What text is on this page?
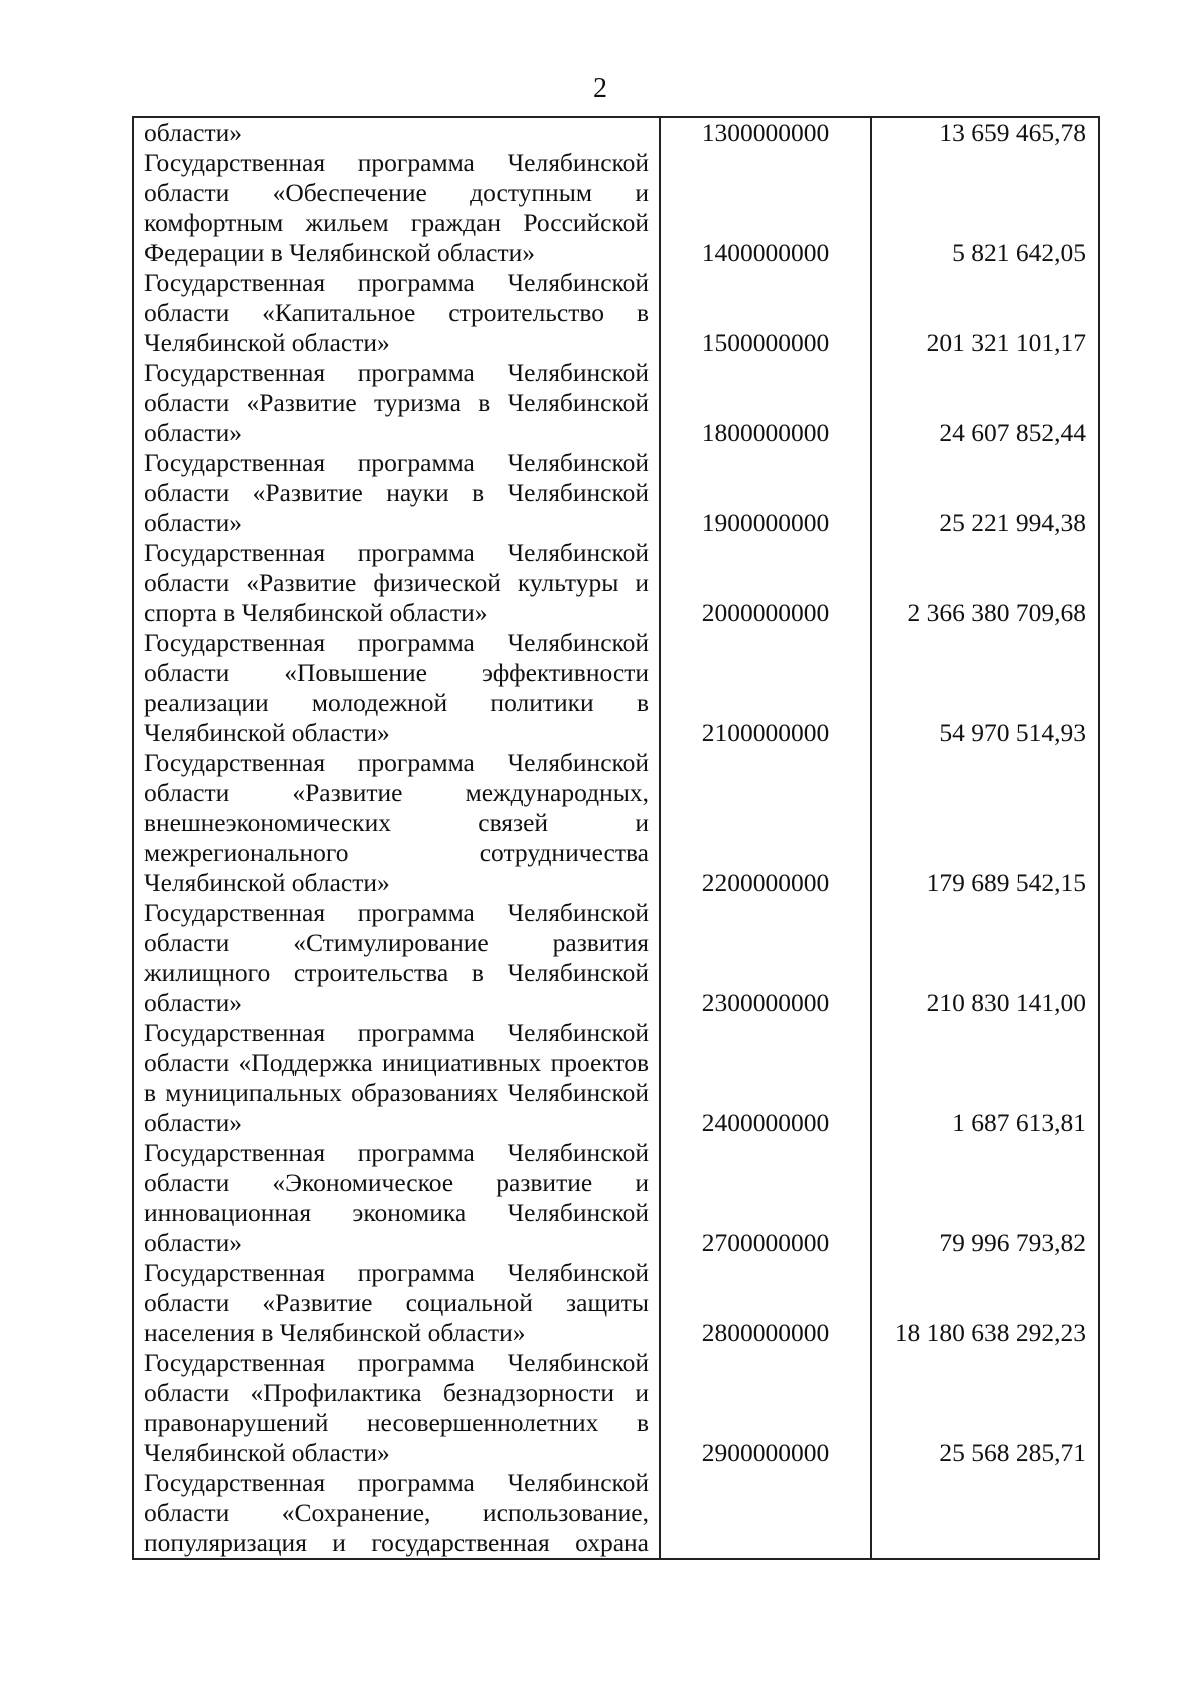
2
области»	1300000000	13 659 465,78
Государственная программа Челябинской области «Обеспечение доступным и комфортным жильем граждан Российской Федерации в Челябинской области»	1400000000	5 821 642,05
Государственная программа Челябинской области «Капитальное строительство в Челябинской области»	1500000000	201 321 101,17
Государственная программа Челябинской области «Развитие туризма в Челябинской области»	1800000000	24 607 852,44
Государственная программа Челябинской области «Развитие науки в Челябинской области»	1900000000	25 221 994,38
Государственная программа Челябинской области «Развитие физической культуры и спорта в Челябинской области»	2000000000	2 366 380 709,68
Государственная программа Челябинской области «Повышение эффективности реализации молодежной политики в Челябинской области»	2100000000	54 970 514,93
Государственная программа Челябинской области «Развитие международных, внешнеэкономических связей и межрегионального сотрудничества Челябинской области»	2200000000	179 689 542,15
Государственная программа Челябинской области «Стимулирование развития жилищного строительства в Челябинской области»	2300000000	210 830 141,00
Государственная программа Челябинской области «Поддержка инициативных проектов в муниципальных образованиях Челябинской области»	2400000000	1 687 613,81
Государственная программа Челябинской области «Экономическое развитие и инновационная экономика Челябинской области»	2700000000	79 996 793,82
Государственная программа Челябинской области «Развитие социальной защиты населения в Челябинской области»	2800000000	18 180 638 292,23
Государственная программа Челябинской области «Профилактика безнадзорности и правонарушений несовершеннолетних в Челябинской области»	2900000000	25 568 285,71
Государственная программа Челябинской области «Сохранение, использование, популяризация и государственная охрана		
